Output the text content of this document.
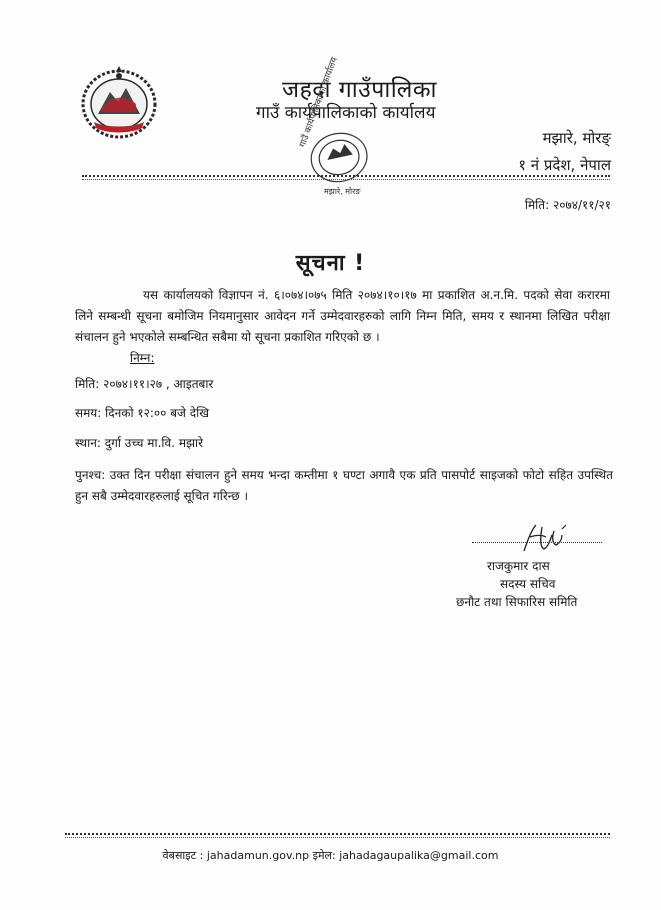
जहदा गाउँपालिका
गाउँ कार्यपालिकाको कार्यालय
गाउँ कार्यपालिकाको कार्यालय
मझारे, मोरङ
मझारे, मोरङ्
१ नं प्रदेश, नेपाल
मिति: २०७४/११/२१
सूचना !
यस कार्यालयको विज्ञापन नं. ६।०७४।०७५ मिति २०७४।१०।१७ मा प्रकाशित अ.न.मि. पदको सेवा करारमा लिने सम्बन्धी सूचना बमोजिम नियमानुसार आवेदन गर्ने उम्मेदवारहरुको लागि निम्न मिति, समय र स्थानमा लिखित परीक्षा संचालन हुने भएकोले सम्बन्धित सबैमा यो सूचना प्रकाशित गरिएको छ ।
निम्न:
मिति: २०७४।११।२७ , आइतबार
समय: दिनको १२:०० बजे देखि
स्थान: दुर्गा उच्च मा.वि. मझारे
पुनश्च: उक्त दिन परीक्षा संचालन हुने समय भन्दा कम्तीमा १ घण्टा अगावै एक प्रति पासपोर्ट साइजको फोटो सहित उपस्थित हुन सबै उम्मेदवारहरुलाई सूचित गरिन्छ ।
राजकुमार दास
सदस्य सचिव
छनौट तथा सिफारिस समिति
वेबसाइट : jahadamun.gov.np इमेल: jahadagaupalika@gmail.com
